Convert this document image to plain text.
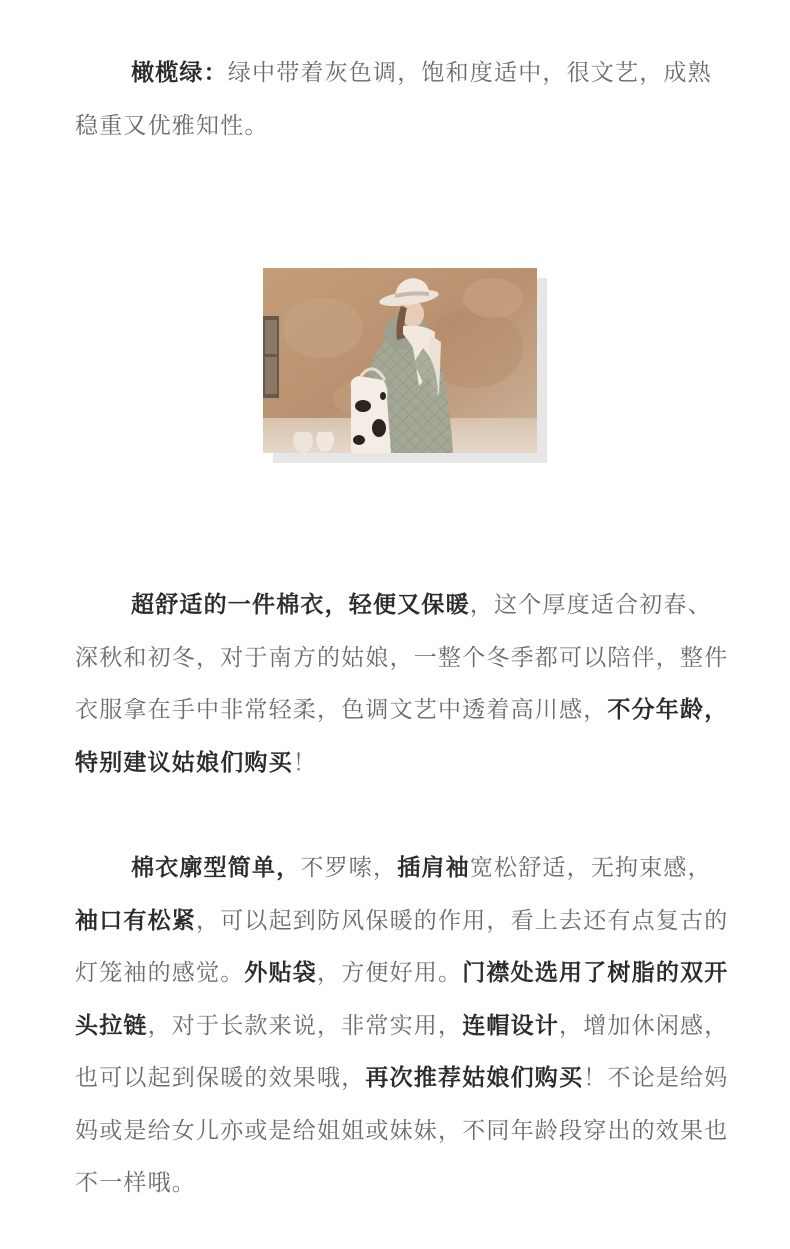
橄榄绿：绿中带着灰色调，饱和度适中，很文艺，成熟稳重又优雅知性。

超舒适的一件棉衣，轻便又保暖，这个厚度适合初春、深秋和初冬，对于南方的姑娘，一整个冬季都可以陪伴，整件衣服拿在手中非常轻柔，色调文艺中透着高川感，不分年龄，特别建议姑娘们购买！

棉衣廓型简单，不罗嗦，插肩袖宽松舒适，无拘束感，袖口有松紧，可以起到防风保暖的作用，看上去还有点复古的灯笼袖的感觉。外贴袋，方便好用。门襟处选用了树脂的双开头拉链，对于长款来说，非常实用，连帽设计，增加休闲感，也可以起到保暖的效果哦，再次推荐姑娘们购买！不论是给妈妈或是给女儿亦或是给姐姐或妹妹，不同年龄段穿出的效果也不一样哦。
